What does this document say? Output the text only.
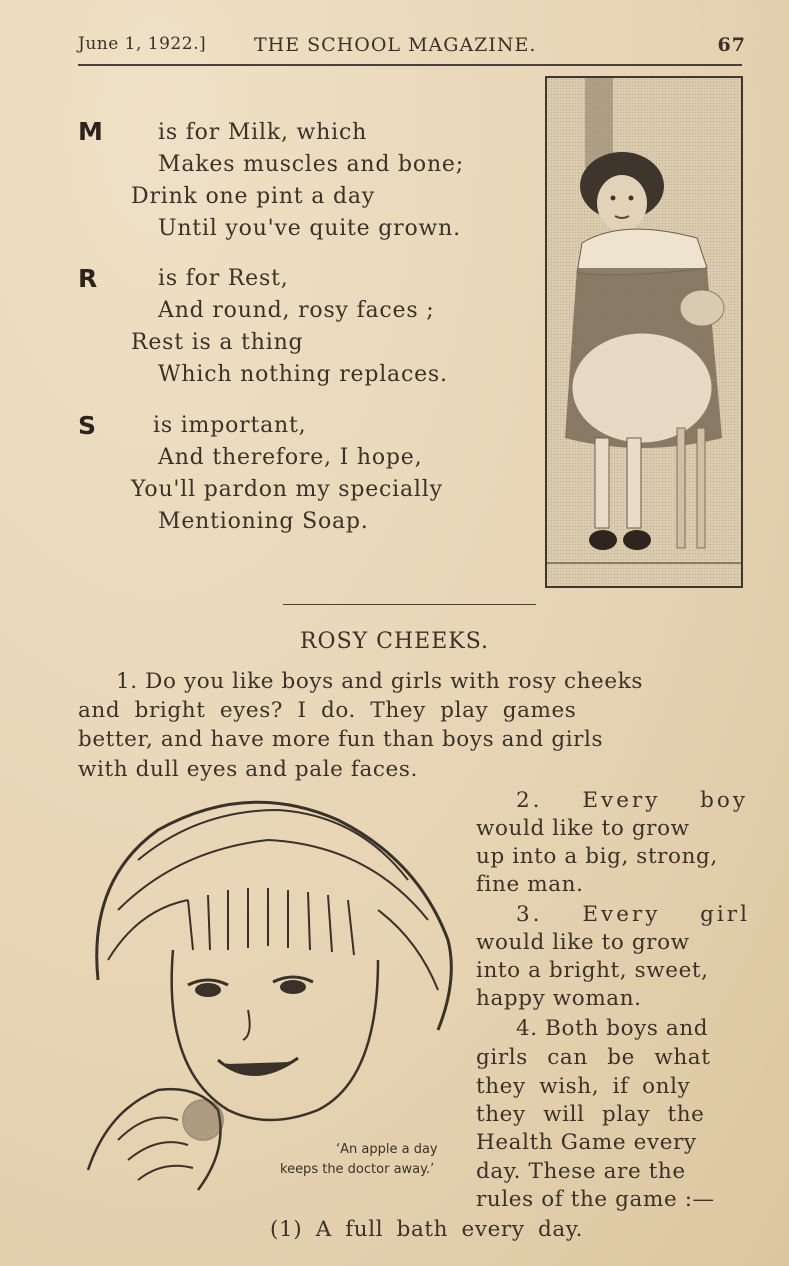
June 1, 1922.]	THE SCHOOL MAGAZINE.	67
M	is for Milk, which
Makes muscles and bone;
Drink one pint a day
Until you've quite grown.
R	is for Rest,
And round, rosy faces ;
Rest is a thing
Which nothing replaces.
S	is important,
And therefore, I hope,
You'll pardon my specially
Mentioning Soap.
ROSY CHEEKS.
1. Do you like boys and girls with rosy cheeks
and bright eyes? I do. They play games
better, and have more fun than boys and girls
with dull eyes and pale faces.
2. Every boy
would like to grow
up into a big, strong,
fine man.
3. Every girl
would like to grow
into a bright, sweet,
happy woman.
4. Both boys and
girls can be what
they wish, if only
they will play the
Health Game every
day. These are the
rules of the game :—
(1) A full bath every day.
‘An apple a day
keeps the doctor away.’
